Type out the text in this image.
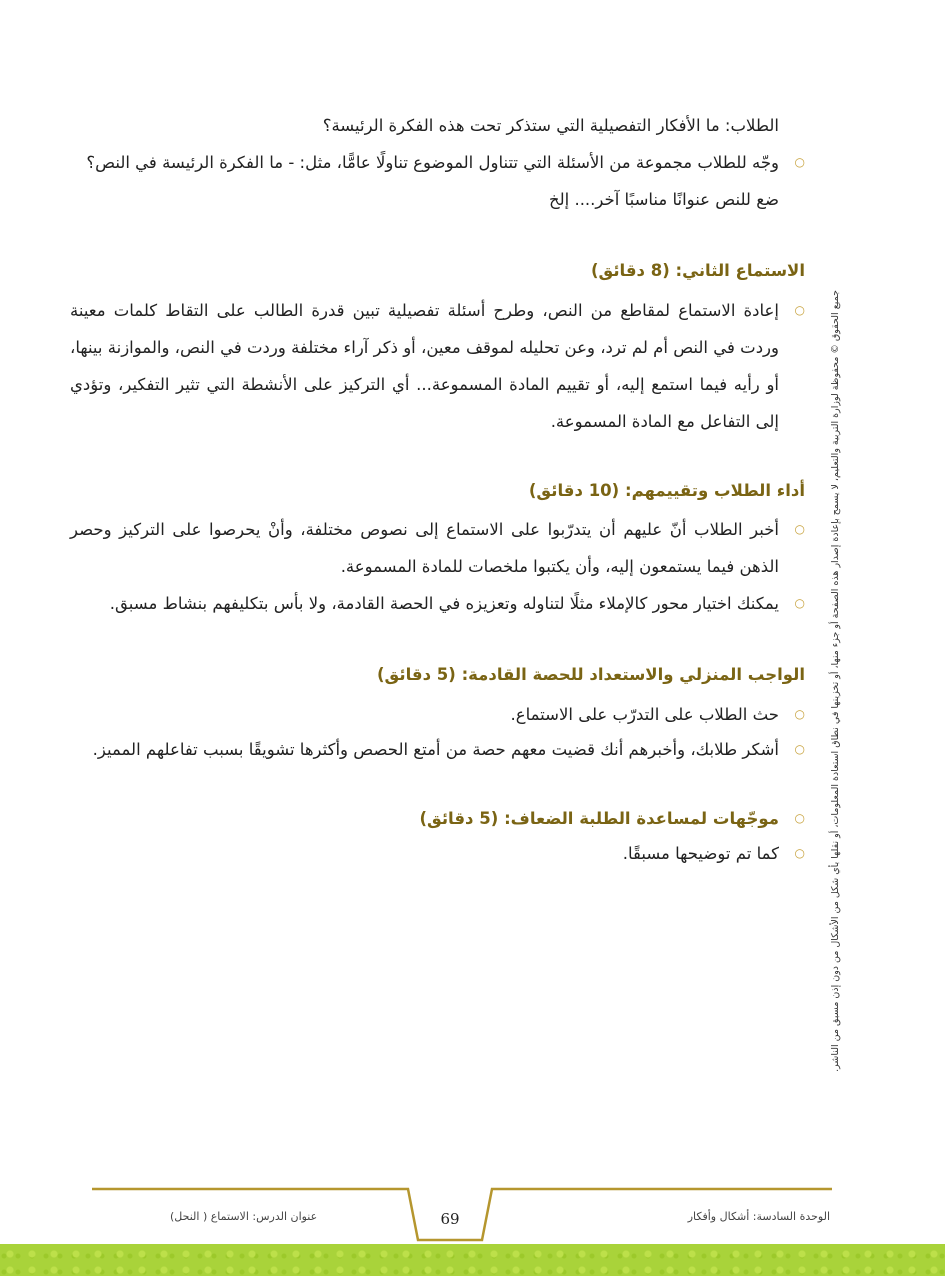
الطلاب: ما الأفكار التفصيلية التي ستذكر تحت هذه الفكرة الرئيسة؟
○
وجّه للطلاب مجموعة من الأسئلة التي تتناول الموضوع تناولًا عامًّا، مثل: - ما الفكرة الرئيسة في النص؟
ضع للنص عنوانًا مناسبًا آخر.... إلخ
الاستماع الثاني: (8 دقائق)
○
إعادة الاستماع لمقاطع من النص، وطرح أسئلة تفصيلية تبين قدرة الطالب على التقاط كلمات معينة وردت في النص أم لم ترد، وعن تحليله لموقف معين، أو ذكر آراء مختلفة وردت في النص، والموازنة بينها، أو رأيه فيما استمع إليه، أو تقييم المادة المسموعة... أي التركيز على الأنشطة التي تثير التفكير، وتؤدي إلى التفاعل مع المادة المسموعة.
أداء الطلاب وتقييمهم: (10 دقائق)
○
أخبر الطلاب أنّ عليهم أن يتدرّبوا على الاستماع إلى نصوص مختلفة، وأنْ يحرصوا على التركيز وحصر الذهن فيما يستمعون إليه، وأن يكتبوا ملخصات للمادة المسموعة.
○
يمكنك اختيار محور كالإملاء مثلًا لتناوله وتعزيزه في الحصة القادمة، ولا بأس بتكليفهم بنشاط مسبق.
الواجب المنزلي والاستعداد للحصة القادمة: (5 دقائق)
○
حث الطلاب على التدرّب على الاستماع.
○
أشكر طلابك، وأخبرهم أنك قضيت معهم حصة من أمتع الحصص وأكثرها تشويقًا بسبب تفاعلهم المميز.
○
موجّهات لمساعدة الطلبة الضعاف: (5 دقائق)
○
كما تم توضيحها مسبقًا.	جميع الحقوق © محفوظة لوزارة التربية والتعليم، لا يسمح بإعادة إصدار هذه الصفحة أو جزء منها، أو تخزينها في نطاق استعادة المعلومات، أو نقلها بأي شكل من الأشكال من دون إذن مسبق من الناشر.
69
عنوان الدرس: الاستماع ( النحل)	الوحدة السادسة: أشكال وأفكار
